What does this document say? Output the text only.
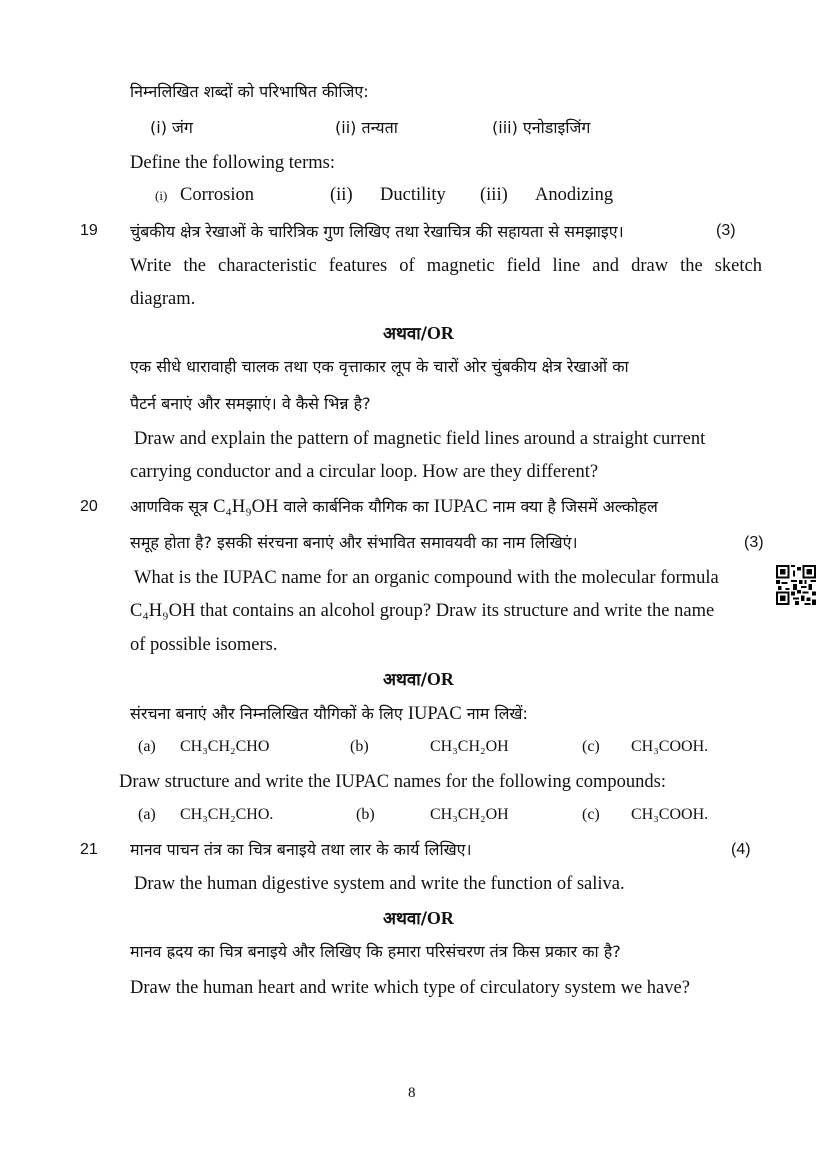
निम्नलिखित शब्दों को परिभाषित कीजिए:
(i) जंग	(ii) तन्यता	(iii) एनोडाइजिंग
Define the following terms:
(i) Corrosion	(ii) Ductility (iii) Anodizing
19 चुंबकीय क्षेत्र रेखाओं के चारित्रिक गुण लिखिए तथा रेखाचित्र की सहायता से समझाइए।	(3)
Write the characteristic features of magnetic field line and draw the sketch
diagram.
अथवा/OR
एक सीधे धारावाही चालक तथा एक वृत्ताकार लूप के चारों ओर चुंबकीय क्षेत्र रेखाओं का
पैटर्न बनाएं और समझाएं। वे कैसे भिन्न है?
Draw and explain the pattern of magnetic field lines around a straight current
carrying conductor and a circular loop. How are they different?
20 आणविक सूत्र C₄H₉OH वाले कार्बनिक यौगिक का IUPAC नाम क्या है जिसमें अल्कोहल
समूह होता है? इसकी संरचना बनाएं और संभावित समावयवी का नाम लिखिएं।	(3)
What is the IUPAC name for an organic compound with the molecular formula
C₄H₉OH that contains an alcohol group? Draw its structure and write the name
of possible isomers.
अथवा/OR
संरचना बनाएं और निम्नलिखित यौगिकों के लिए IUPAC नाम लिखें:
(a) CH₃CH₂CHO	(b)	CH₃CH₂OH	(c) CH₃COOH.
Draw structure and write the IUPAC names for the following compounds:
(a) CH₃CH₂CHO.	(b)	CH₃CH₂OH	(c) CH₃COOH.
21 मानव पाचन तंत्र का चित्र बनाइये तथा लार के कार्य लिखिए।	(4)
Draw the human digestive system and write the function of saliva.
अथवा/OR
मानव ह्रदय का चित्र बनाइये और लिखिए कि हमारा परिसंचरण तंत्र किस प्रकार का है?
Draw the human heart and write which type of circulatory system we have?
8
